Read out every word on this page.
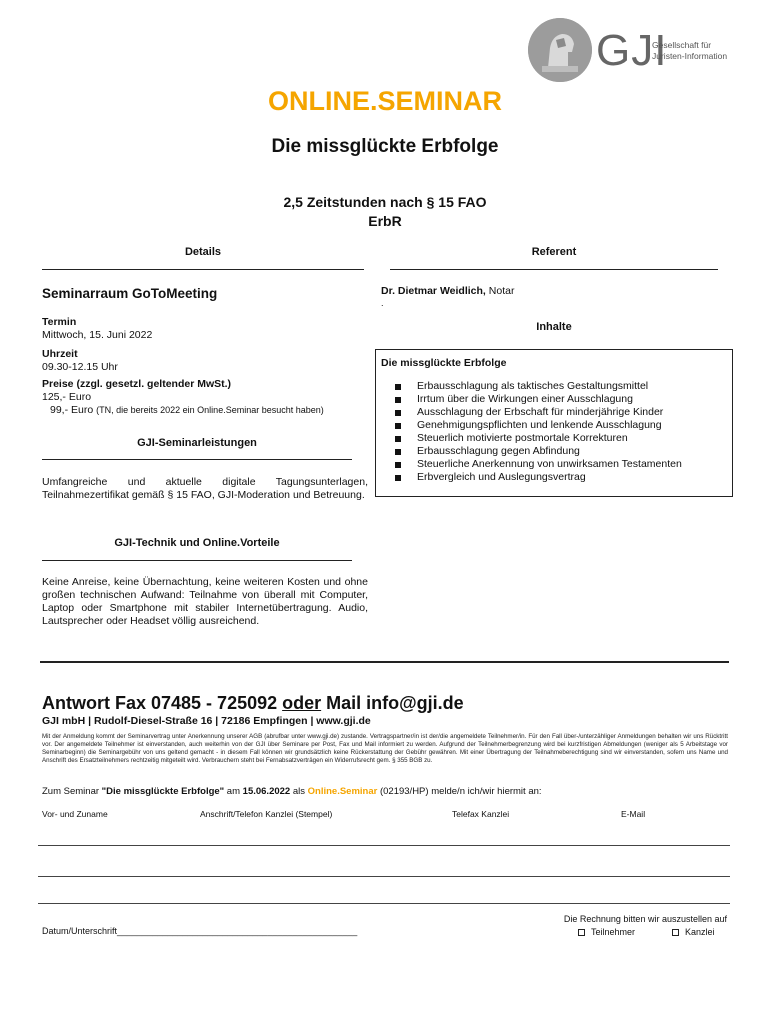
GJI
Gesellschaft für
Juristen-Information
ONLINE.SEMINAR
Die missglückte Erbfolge
2,5 Zeitstunden nach § 15 FAO
ErbR
Details	Referent
Seminarraum GoToMeeting
Termin
Mittwoch, 15. Juni 2022
Uhrzeit
09.30-12.15 Uhr
Preise (zzgl. gesetzl. geltender MwSt.)
125,- Euro
99,- Euro (TN, die bereits 2022 ein Online.Seminar besucht haben)
GJI-Seminarleistungen
Umfangreiche und aktuelle digitale Tagungsunterlagen, Teilnahmezertifikat gemäß § 15 FAO, GJI-Moderation und Betreuung.
GJI-Technik und Online.Vorteile
Keine Anreise, keine Übernachtung, keine weiteren Kosten und ohne großen technischen Aufwand: Teilnahme von überall mit Computer, Laptop oder Smartphone mit stabiler Internetübertragung. Audio, Lautsprecher oder Headset völlig ausreichend.
Dr. Dietmar Weidlich, Notar
.
Inhalte
Die missglückte Erbfolge
Erbausschlagung als taktisches Gestaltungsmittel
Irrtum über die Wirkungen einer Ausschlagung
Ausschlagung der Erbschaft für minderjährige Kinder
Genehmigungspflichten und lenkende Ausschlagung
Steuerlich motivierte postmortale Korrekturen
Erbausschlagung gegen Abfindung
Steuerliche Anerkennung von unwirksamen Testamenten
Erbvergleich und Auslegungsvertrag
Antwort Fax 07485 - 725092 oder Mail info@gji.de
GJI mbH | Rudolf-Diesel-Straße 16 | 72186 Empfingen | www.gji.de
Mit der Anmeldung kommt der Seminarvertrag unter Anerkennung unserer AGB (abrufbar unter www.gji.de) zustande. Vertragspartner/in ist der/die angemeldete Teilnehmer/in. Für den Fall über-/unterzähliger Anmeldungen behalten wir uns Rücktritt vor. Der angemeldete Teilnehmer ist einverstanden, auch weiterhin von der GJI über Seminare per Post, Fax und Mail informiert zu werden. Aufgrund der Teilnehmerbegrenzung wird bei kurzfristigen Abmeldungen (weniger als 5 Arbeitstage vor Seminarbeginn) die Seminargebühr von uns geltend gemacht - in diesem Fall können wir grundsätzlich keine Rückerstattung der Gebühr gewähren. Mit einer Übertragung der Teilnahmeberechtigung sind wir einverstanden, sofern uns Name und Anschrift des Ersatzteilnehmers rechtzeitig mitgeteilt wird. Verbrauchern steht bei Fernabsatzverträgen ein Widerrufsrecht gem. § 355 BGB zu.
Zum Seminar "Die missglückte Erbfolge" am 15.06.2022 als Online.Seminar (02193/HP) melde/n ich/wir hiermit an:
Vor- und Zuname	Anschrift/Telefon Kanzlei (Stempel)	Telefax Kanzlei	E-Mail
Datum/Unterschrift________________________________________________
Die Rechnung bitten wir auszustellen auf
Teilnehmer	Kanzlei
